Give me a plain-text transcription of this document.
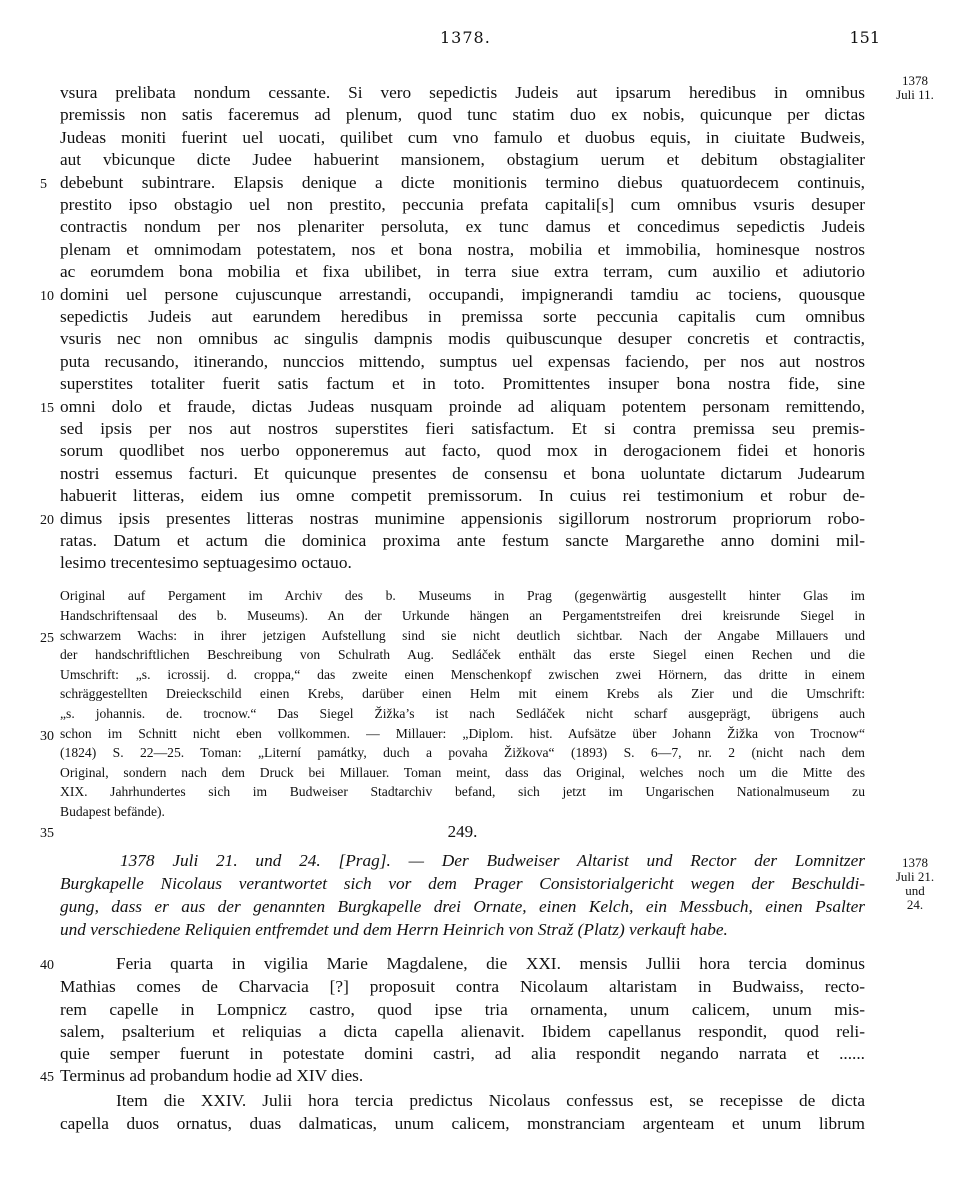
1378.	151
1378
Juli 11.
1378
Juli 21.
und
24.
5
10
15
20
25
30
35
40
45
vsura prelibata nondum cessante. Si vero sepedictis Judeis aut ipsarum heredibus in omnibus
premissis non satis faceremus ad plenum, quod tunc statim duo ex nobis, quicunque per dictas
Judeas moniti fuerint uel uocati, quilibet cum vno famulo et duobus equis, in ciuitate Budweis,
aut vbicunque dicte Judee habuerint mansionem, obstagium uerum et debitum obstagialiter
debebunt subintrare. Elapsis denique a dicte monitionis termino diebus quatuordecem continuis,
prestito ipso obstagio uel non prestito, peccunia prefata capitali[s] cum omnibus vsuris desuper
contractis nondum per nos plenariter persoluta, ex tunc damus et concedimus sepedictis Judeis
plenam et omnimodam potestatem, nos et bona nostra, mobilia et immobilia, hominesque nostros
ac eorumdem bona mobilia et fixa ubilibet, in terra siue extra terram, cum auxilio et adiutorio
domini uel persone cujuscunque arrestandi, occupandi, impignerandi tamdiu ac tociens, quousque
sepedictis Judeis aut earundem heredibus in premissa sorte peccunia capitalis cum omnibus
vsuris nec non omnibus ac singulis dampnis modis quibuscunque desuper concretis et contractis,
puta recusando, itinerando, nunccios mittendo, sumptus uel expensas faciendo, per nos aut nostros
superstites totaliter fuerit satis factum et in toto. Promittentes insuper bona nostra fide, sine
omni dolo et fraude, dictas Judeas nusquam proinde ad aliquam potentem personam remittendo,
sed ipsis per nos aut nostros superstites fieri satisfactum. Et si contra premissa seu premis-
sorum quodlibet nos uerbo opponeremus aut facto, quod mox in derogacionem fidei et honoris
nostri essemus facturi. Et quicunque presentes de consensu et bona uoluntate dictarum Judearum
habuerit litteras, eidem ius omne competit premissorum. In cuius rei testimonium et robur de-
dimus ipsis presentes litteras nostras munimine appensionis sigillorum nostrorum propriorum robo-
ratas. Datum et actum die dominica proxima ante festum sancte Margarethe anno domini mil-
lesimo trecentesimo septuagesimo octauo.
Original auf Pergament im Archiv des b. Museums in Prag (gegenwärtig ausgestellt hinter Glas im
Handschriftensaal des b. Museums). An der Urkunde hängen an Pergamentstreifen drei kreisrunde Siegel in
schwarzem Wachs: in ihrer jetzigen Aufstellung sind sie nicht deutlich sichtbar. Nach der Angabe Millauers und
der handschriftlichen Beschreibung von Schulrath Aug. Sedláček enthält das erste Siegel einen Rechen und die
Umschrift: „s. icrossij. d. croppa,“ das zweite einen Menschenkopf zwischen zwei Hörnern, das dritte in einem
schräggestellten Dreieckschild einen Krebs, darüber einen Helm mit einem Krebs als Zier und die Umschrift:
„s. johannis. de. trocnow.“ Das Siegel Žižka’s ist nach Sedláček nicht scharf ausgeprägt, übrigens auch
schon im Schnitt nicht eben vollkommen. — Millauer: „Diplom. hist. Aufsätze über Johann Žižka von Trocnow“
(1824) S. 22—25. Toman: „Literní památky, duch a povaha Žižkova“ (1893) S. 6—7, nr. 2 (nicht nach dem
Original, sondern nach dem Druck bei Millauer. Toman meint, dass das Original, welches noch um die Mitte des
XIX. Jahrhundertes sich im Budweiser Stadtarchiv befand, sich jetzt im Ungarischen Nationalmuseum zu
Budapest befände).
249.
1378 Juli 21. und 24. [Prag]. — Der Budweiser Altarist und Rector der Lomnitzer
Burgkapelle Nicolaus verantwortet sich vor dem Prager Consistorialgericht wegen der Beschuldi-
gung, dass er aus der genannten Burgkapelle drei Ornate, einen Kelch, ein Messbuch, einen Psalter
und verschiedene Reliquien entfremdet und dem Herrn Heinrich von Straž (Platz) verkauft habe.
Feria quarta in vigilia Marie Magdalene, die XXI. mensis Jullii hora tercia dominus
Mathias comes de Charvacia [?] proposuit contra Nicolaum altaristam in Budwaiss, recto-
rem capelle in Lompnicz castro, quod ipse tria ornamenta, unum calicem, unum mis-
salem, psalterium et reliquias a dicta capella alienavit. Ibidem capellanus respondit, quod reli-
quie semper fuerunt in potestate domini castri, ad alia respondit negando narrata et ......
Terminus ad probandum hodie ad XIV dies.
Item die XXIV. Julii hora tercia predictus Nicolaus confessus est, se recepisse de dicta
capella duos ornatus, duas dalmaticas, unum calicem, monstranciam argenteam et unum librum
